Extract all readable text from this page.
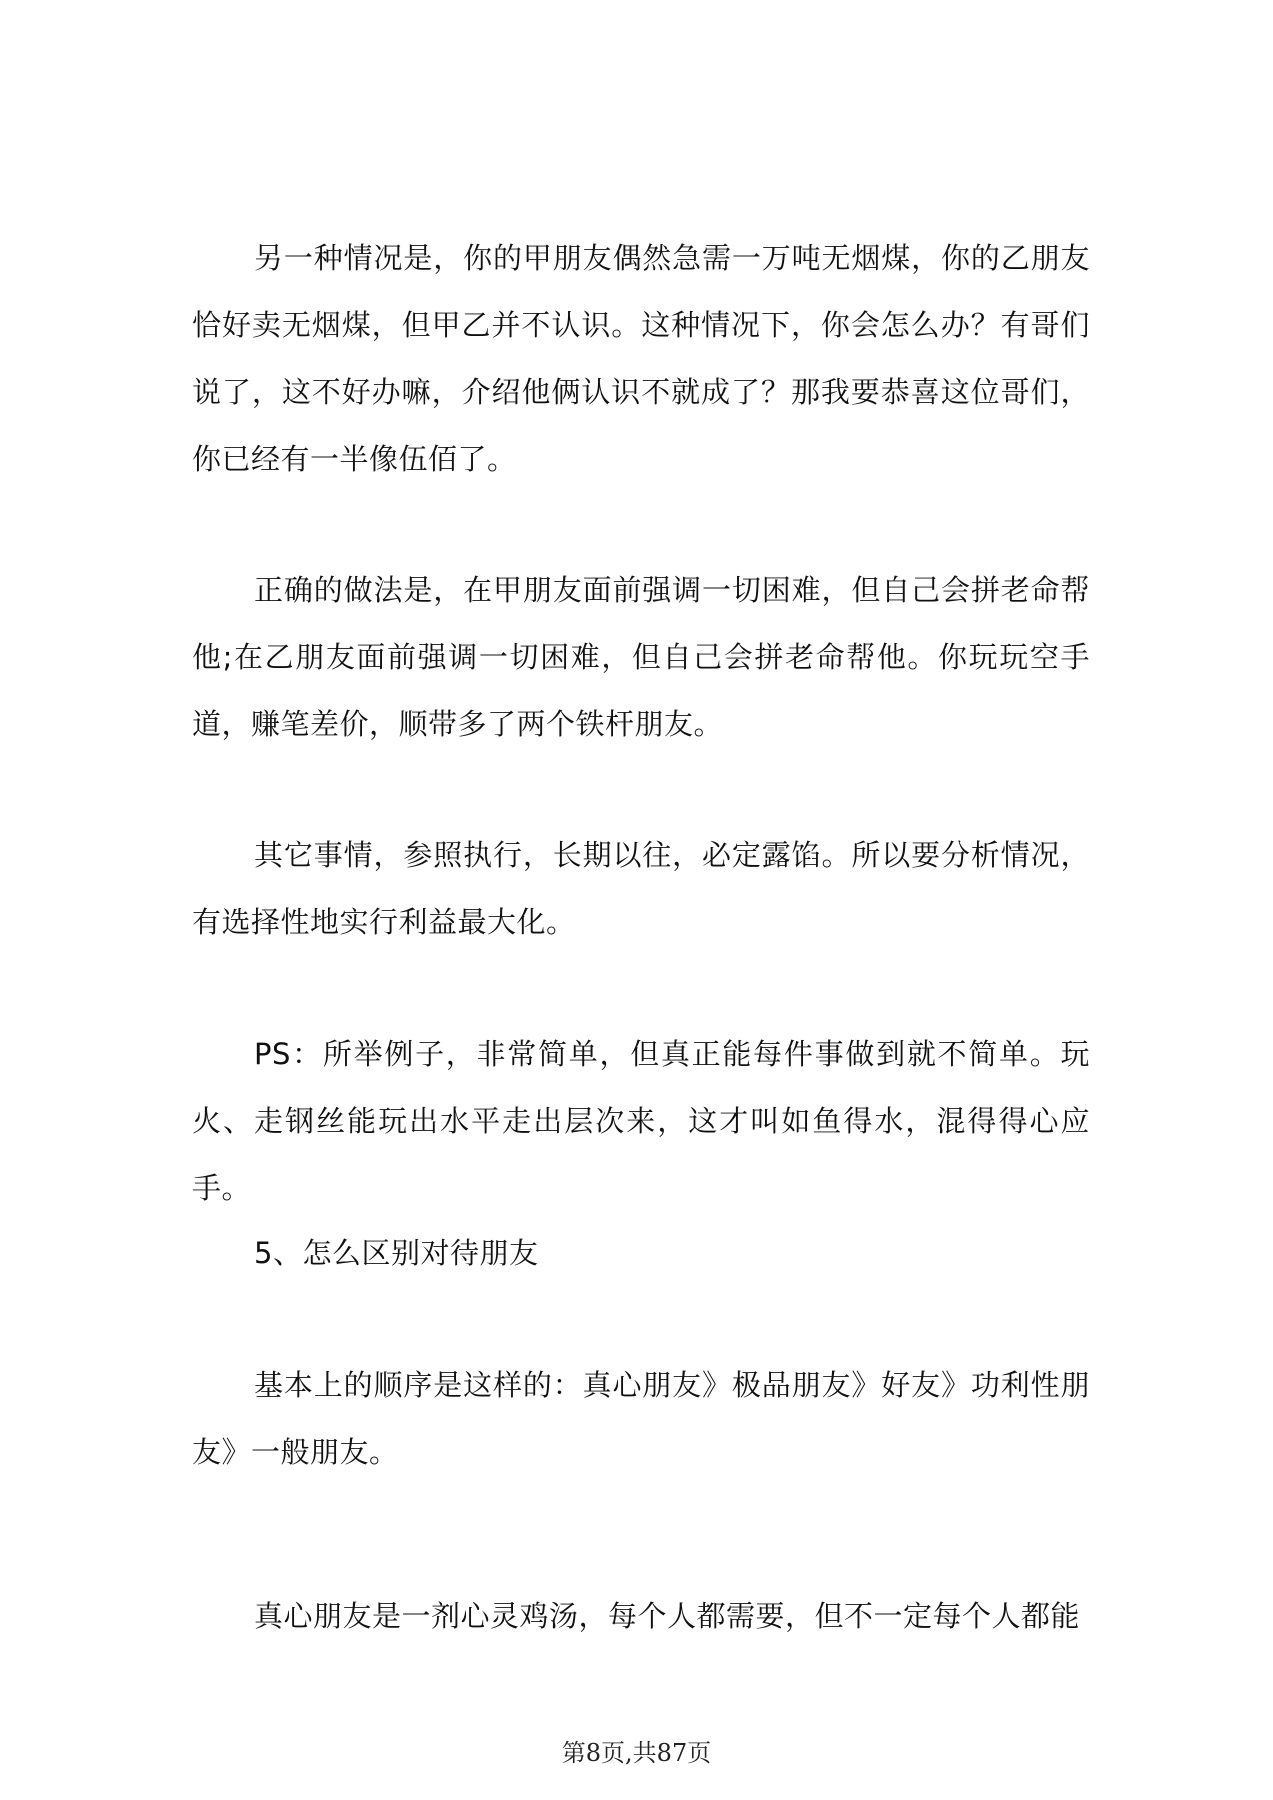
另一种情况是，你的甲朋友偶然急需一万吨无烟煤，你的乙朋友恰好卖无烟煤，但甲乙并不认识。这种情况下，你会怎么办？有哥们说了，这不好办嘛，介绍他俩认识不就成了？那我要恭喜这位哥们，你已经有一半像伍佰了。

正确的做法是，在甲朋友面前强调一切困难，但自己会拼老命帮他;在乙朋友面前强调一切困难，但自己会拼老命帮他。你玩玩空手道，赚笔差价，顺带多了两个铁杆朋友。

其它事情，参照执行，长期以往，必定露馅。所以要分析情况，有选择性地实行利益最大化。

PS：所举例子，非常简单，但真正能每件事做到就不简单。玩火、走钢丝能玩出水平走出层次来，这才叫如鱼得水，混得得心应手。

5、怎么区别对待朋友

基本上的顺序是这样的：真心朋友》极品朋友》好友》功利性朋友》一般朋友。

真心朋友是一剂心灵鸡汤，每个人都需要，但不一定每个人都能

第8页,共87页
